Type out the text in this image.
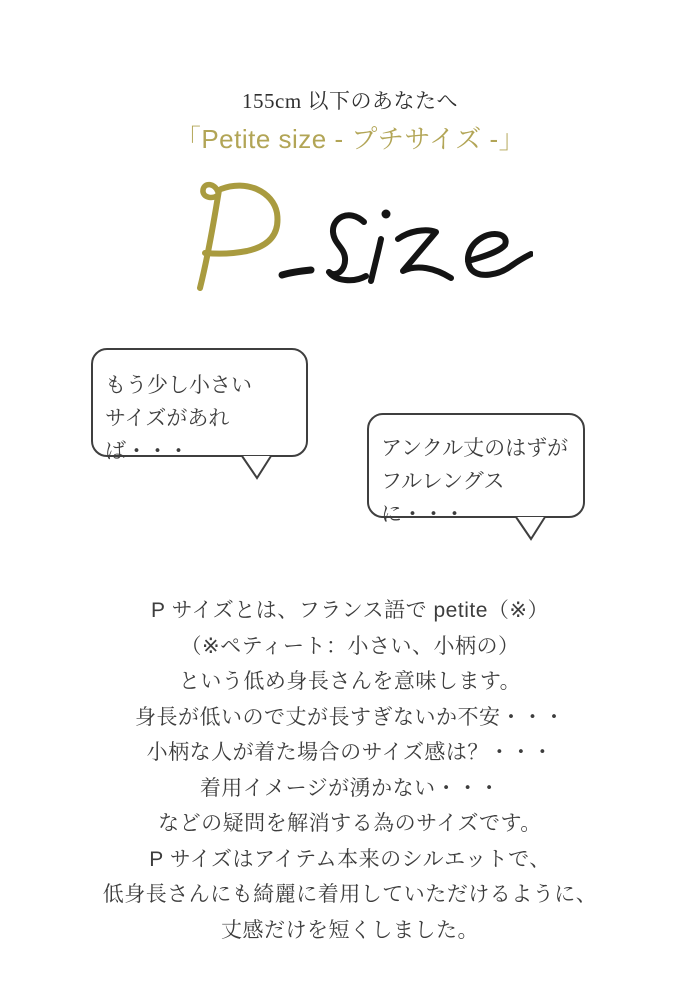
155cm 以下のあなたへ
「Petite size - プチサイズ -」
もう少し小さい
サイズがあれば・・・	アンクル丈のはずが
フルレングスに・・・
P サイズとは、フランス語で petite（※）
（※ペティート：小さい、小柄の）
という低め身長さんを意味します。
身長が低いので丈が長すぎないか不安・・・
小柄な人が着た場合のサイズ感は？・・・
着用イメージが湧かない・・・
などの疑問を解消する為のサイズです。
P サイズはアイテム本来のシルエットで、
低身長さんにも綺麗に着用していただけるように、
丈感だけを短くしました。
